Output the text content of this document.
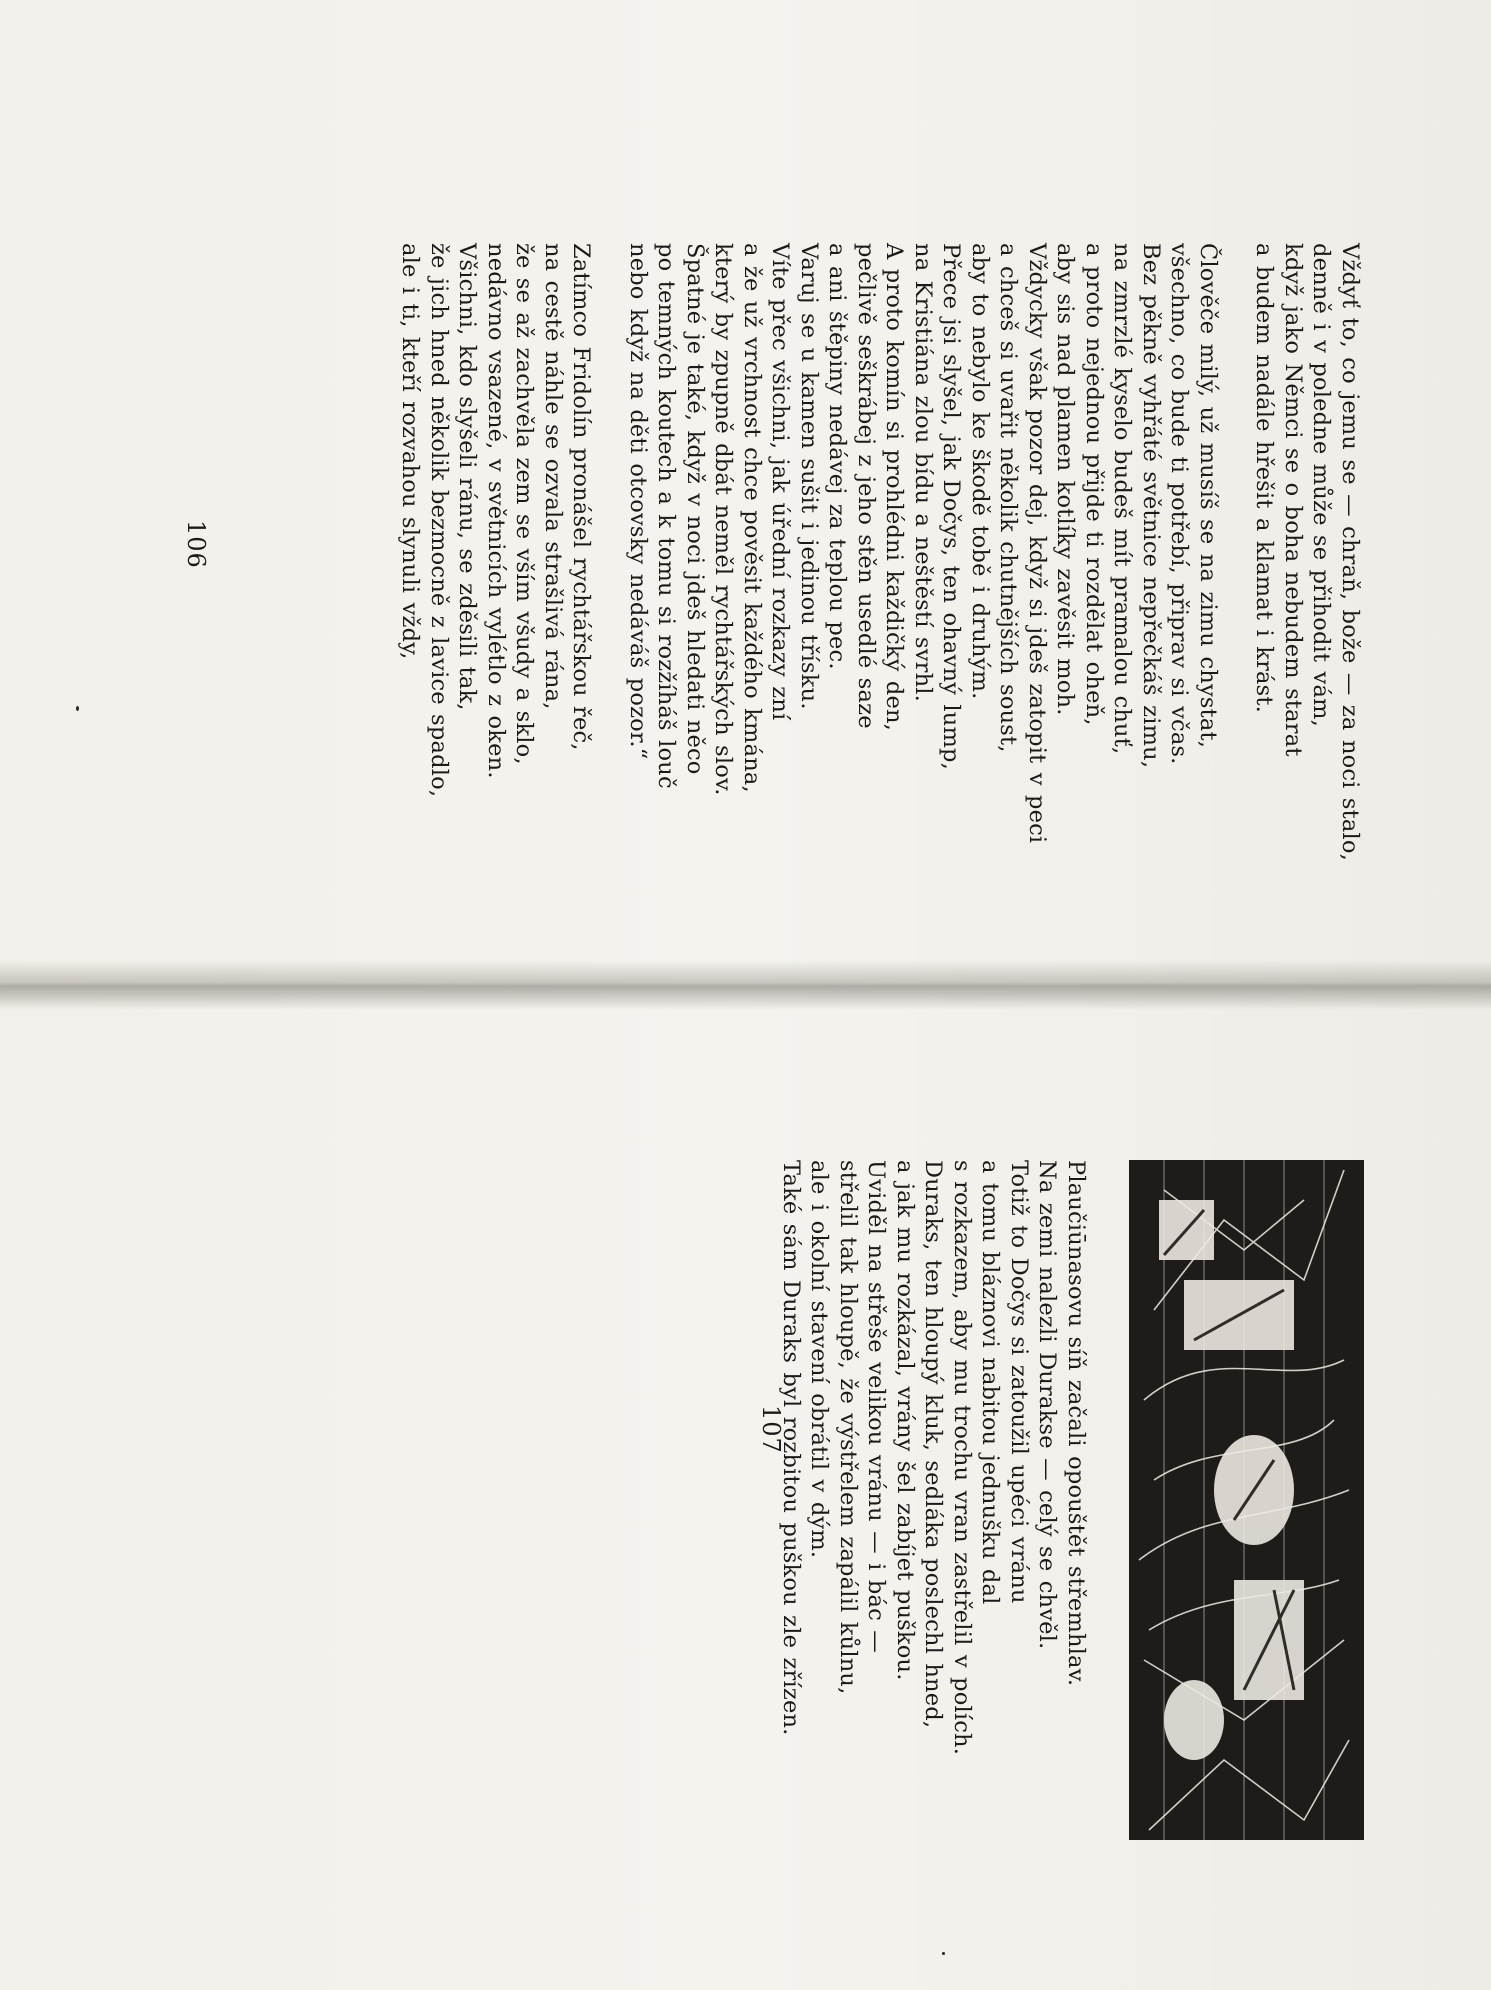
Vždyť to, co jemu se — chraň, bože — za noci stalo,
denně i v poledne může se přihodit vám,
když jako Němci se o boha nebudem starat
a budem nadále hřešit a klamat i krást.
Člověče milý, už musíš se na zimu chystat,
všechno, co bude ti potřebí, připrav si včas.
Bez pěkně vyhřáté světnice nepřečkáš zimu,
na zmrzlé kyselo budeš mít pramalou chuť,
a proto nejednou přijde ti rozdělat oheň,
aby sis nad plamen kotlíky zavěsit moh.
Vždycky však pozor dej, když si jdeš zatopit v peci
a chceš si uvařit několik chutnějších soust,
aby to nebylo ke škodě tobě i druhým.
Přece jsi slyšel, jak Dočys, ten ohavný lump,
na Kristiána zlou bídu a neštěstí svrhl.
A proto komín si prohlédni každičký den,
pečlivě seškrábej z jeho stěn usedlé saze
a ani štěpiny nedávej za teplou pec.
Varuj se u kamen sušit i jedinou třísku.
Víte přec všichni, jak úřední rozkazy zní
a že už vrchnost chce pověsit každého kmána,
který by zpupně dbát neměl rychtářských slov.
Špatné je také, když v noci jdeš hledati něco
po temných koutech a k tomu si rozžíháš louč
nebo když na děti otcovsky nedáváš pozor.“
Zatímco Fridolín pronášel rychtářskou řeč,
na cestě náhle se ozvala strašlivá rána,
že se až zachvěla zem se vším všudy a sklo,
nedávno vsazené, v světnicích vylétlo z oken.
Všichni, kdo slyšeli ránu, se zděsili tak,
že jich hned několik bezmocně z lavice spadlo,
ale i ti, kteří rozvahou slynuli vždy,
106
Plaučiūnasovu síň začali opouštět střemhlav.
Na zemi nalezli Durakse — celý se chvěl.
Totiž to Dočys si zatoužil upéci vránu
a tomu bláznovi nabitou jednušku dal
s rozkazem, aby mu trochu vran zastřelil v polích.
Duraks, ten hloupý kluk, sedláka poslechl hned,
a jak mu rozkázal, vrány šel zabíjet puškou.
Uviděl na střeše velikou vránu — i bác —
střelil tak hloupě, že výstřelem zapálil kůlnu,
ale i okolní stavení obrátil v dým.
Také sám Duraks byl rozbitou puškou zle zřízen.
107
